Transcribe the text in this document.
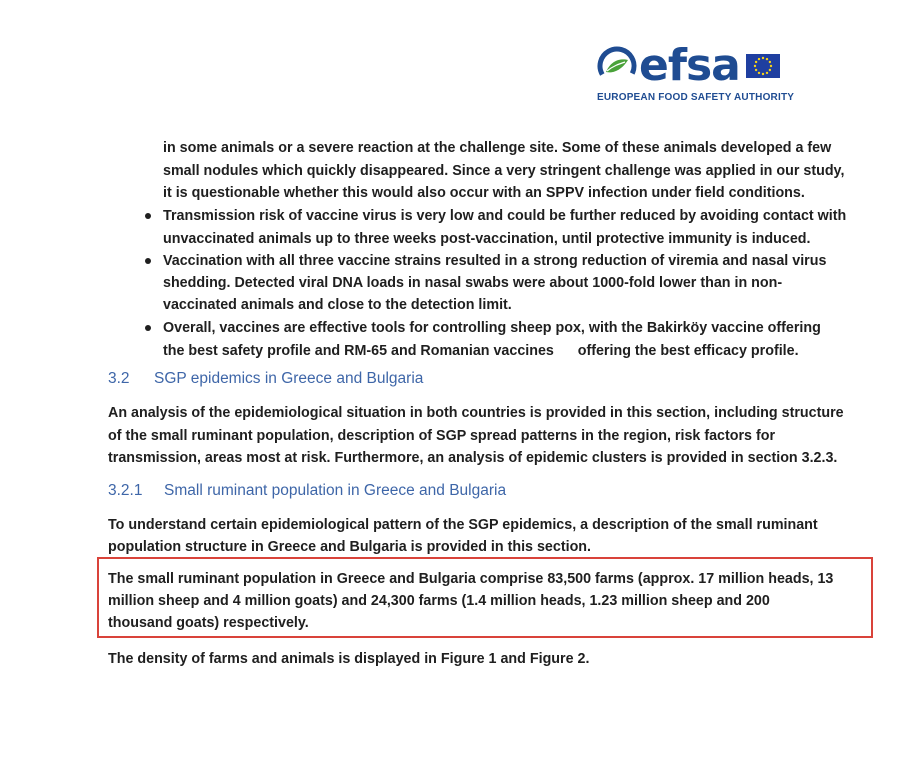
efsa
EUROPEAN FOOD SAFETY AUTHORITY

in some animals or a severe reaction at the challenge site. Some of these animals developed a few

small nodules which quickly disappeared. Since a very stringent challenge was applied in our study,

it is questionable whether this would also occur with an SPPV infection under field conditions.

Transmission risk of vaccine virus is very low and could be further reduced by avoiding contact with

unvaccinated animals up to three weeks post-vaccination, until protective immunity is induced.

Vaccination with all three vaccine strains resulted in a strong reduction of viremia and nasal virus

shedding. Detected viral DNA loads in nasal swabs were about 1000-fold lower than in non-

vaccinated animals and close to the detection limit.

Overall, vaccines are effective tools for controlling sheep pox, with the Bakirköy vaccine offering

the best safety profile and RM-65 and Romanian vaccines      offering the best efficacy profile.

3.2 SGP epidemics in Greece and Bulgaria

An analysis of the epidemiological situation in both countries is provided in this section, including structure

of the small ruminant population, description of SGP spread patterns in the region, risk factors for

transmission, areas most at risk. Furthermore, an analysis of epidemic clusters is provided in section 3.2.3.

3.2.1 Small ruminant population in Greece and Bulgaria

To understand certain epidemiological pattern of the SGP epidemics, a description of the small ruminant

population structure in Greece and Bulgaria is provided in this section.

The small ruminant population in Greece and Bulgaria comprise 83,500 farms (approx. 17 million heads, 13

million sheep and 4 million goats) and 24,300 farms (1.4 million heads, 1.23 million sheep and 200

thousand goats) respectively.

The density of farms and animals is displayed in Figure 1 and Figure 2.
